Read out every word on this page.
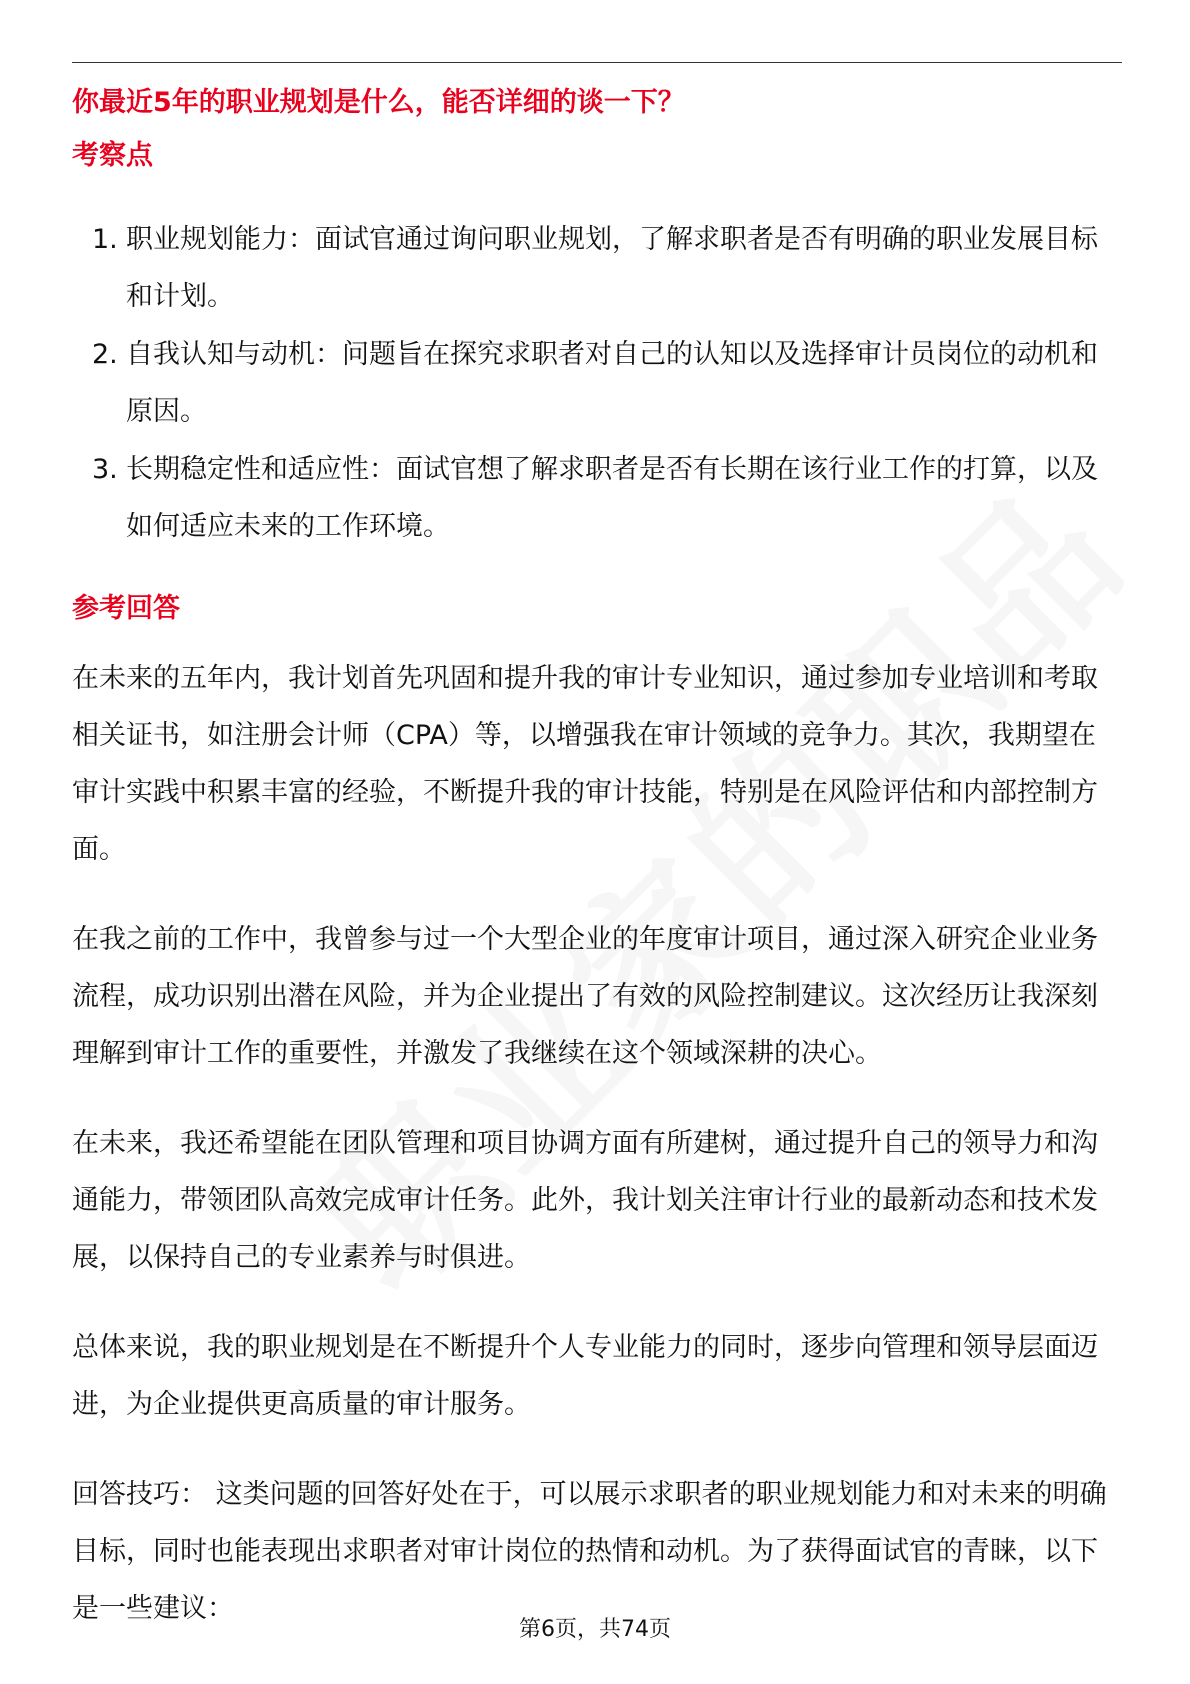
你最近5年的职业规划是什么，能否详细的谈一下？
考察点
1. 职业规划能力：面试官通过询问职业规划，了解求职者是否有明确的职业发展目标和计划。
2. 自我认知与动机：问题旨在探究求职者对自己的认知以及选择审计员岗位的动机和原因。
3. 长期稳定性和适应性：面试官想了解求职者是否有长期在该行业工作的打算，以及如何适应未来的工作环境。
参考回答

在未来的五年内，我计划首先巩固和提升我的审计专业知识，通过参加专业培训和考取相关证书，如注册会计师（CPA）等，以增强我在审计领域的竞争力。其次，我期望在审计实践中积累丰富的经验，不断提升我的审计技能，特别是在风险评估和内部控制方面。

在我之前的工作中，我曾参与过一个大型企业的年度审计项目，通过深入研究企业业务流程，成功识别出潜在风险，并为企业提出了有效的风险控制建议。这次经历让我深刻理解到审计工作的重要性，并激发了我继续在这个领域深耕的决心。

在未来，我还希望能在团队管理和项目协调方面有所建树，通过提升自己的领导力和沟通能力，带领团队高效完成审计任务。此外，我计划关注审计行业的最新动态和技术发展，以保持自己的专业素养与时俱进。

总体来说，我的职业规划是在不断提升个人专业能力的同时，逐步向管理和领导层面迈进，为企业提供更高质量的审计服务。

回答技巧： 这类问题的回答好处在于，可以展示求职者的职业规划能力和对未来的明确目标，同时也能表现出求职者对审计岗位的热情和动机。为了获得面试官的青睐，以下是一些建议：

第6页，共74页
